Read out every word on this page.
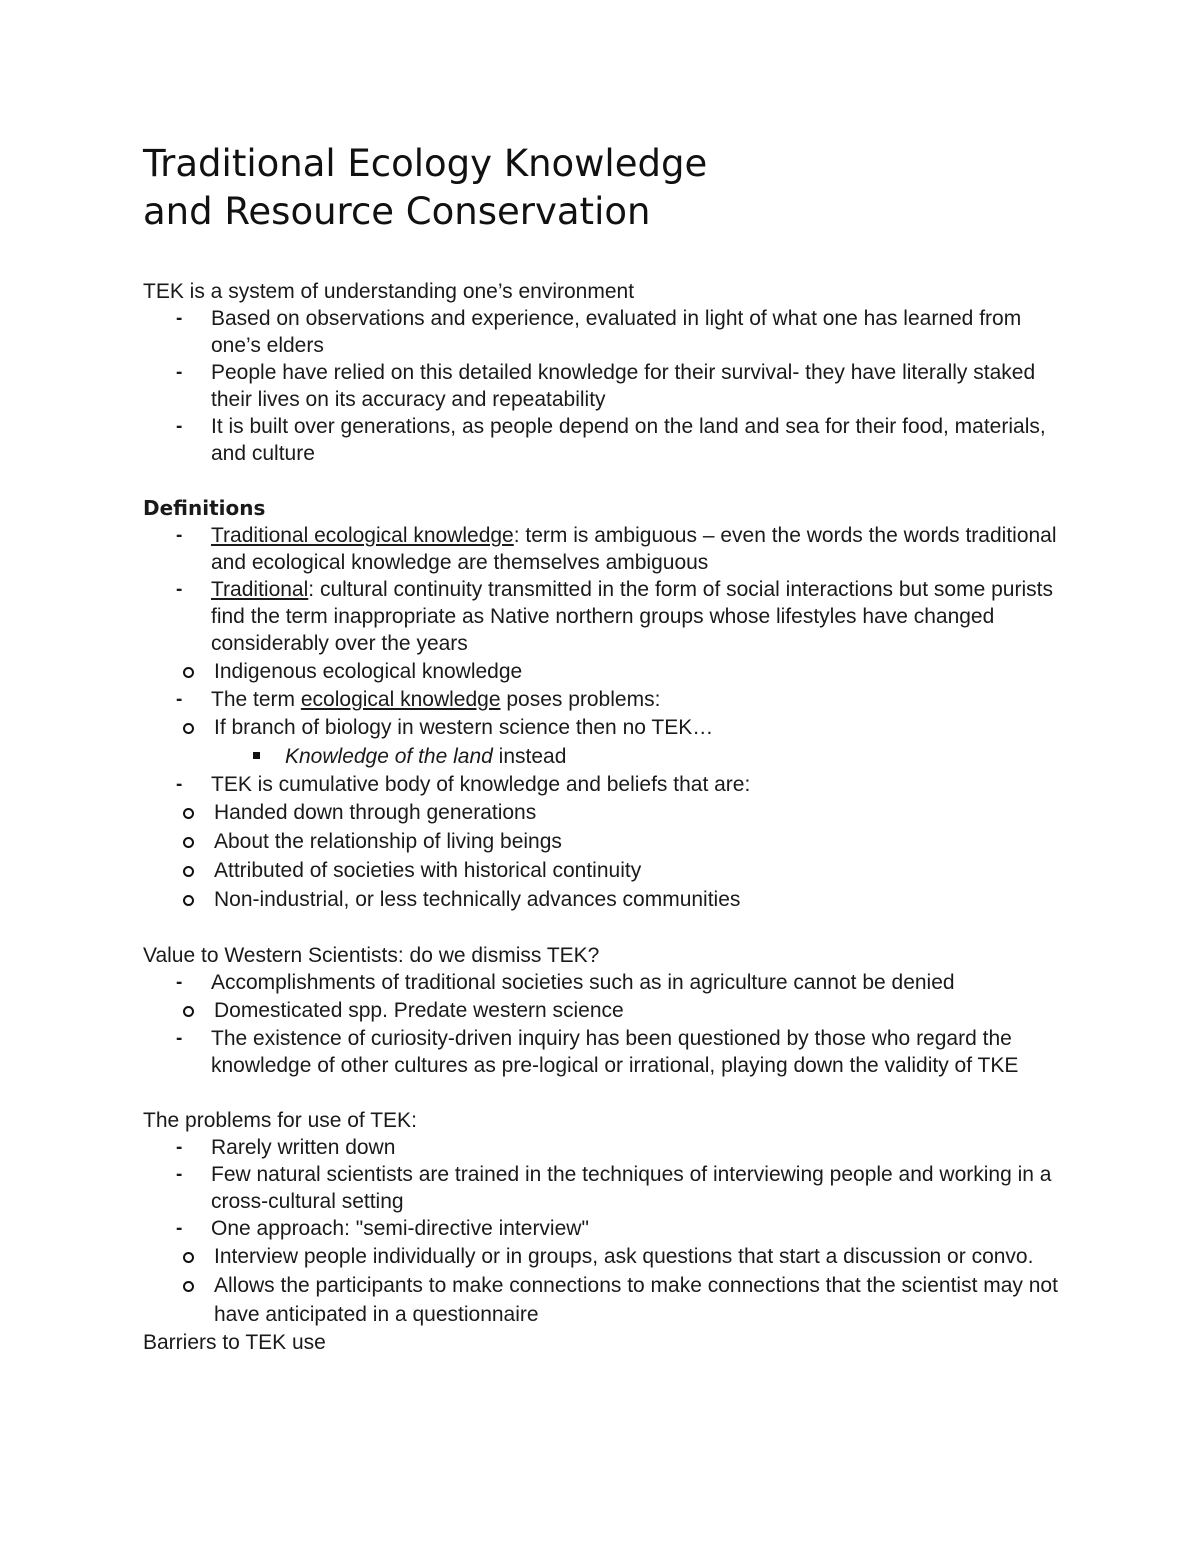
Traditional Ecology Knowledge
and Resource Conservation

TEK is a system of understanding one’s environment

- Based on observations and experience, evaluated in light of what one has learned from one’s elders
- People have relied on this detailed knowledge for their survival- they have literally staked their lives on its accuracy and repeatability
- It is built over generations, as people depend on the land and sea for their food, materials, and culture

Definitions

- Traditional ecological knowledge: term is ambiguous – even the words the words traditional and ecological knowledge are themselves ambiguous
- Traditional: cultural continuity transmitted in the form of social interactions but some purists find the term inappropriate as Native northern groups whose lifestyles have changed considerably over the years
Indigenous ecological knowledge
- The term ecological knowledge poses problems:
If branch of biology in western science then no TEK…
Knowledge of the land instead
- TEK is cumulative body of knowledge and beliefs that are:
Handed down through generations
About the relationship of living beings
Attributed of societies with historical continuity
Non-industrial, or less technically advances communities

Value to Western Scientists: do we dismiss TEK?

- Accomplishments of traditional societies such as in agriculture cannot be denied
Domesticated spp. Predate western science
- The existence of curiosity-driven inquiry has been questioned by those who regard the knowledge of other cultures as pre-logical or irrational, playing down the validity of TKE

The problems for use of TEK:

- Rarely written down
- Few natural scientists are trained in the techniques of interviewing people and working in a cross-cultural setting
- One approach: "semi-directive interview"
Interview people individually or in groups, ask questions that start a discussion or convo.
Allows the participants to make connections to make connections that the scientist may not have anticipated in a questionnaire

Barriers to TEK use
